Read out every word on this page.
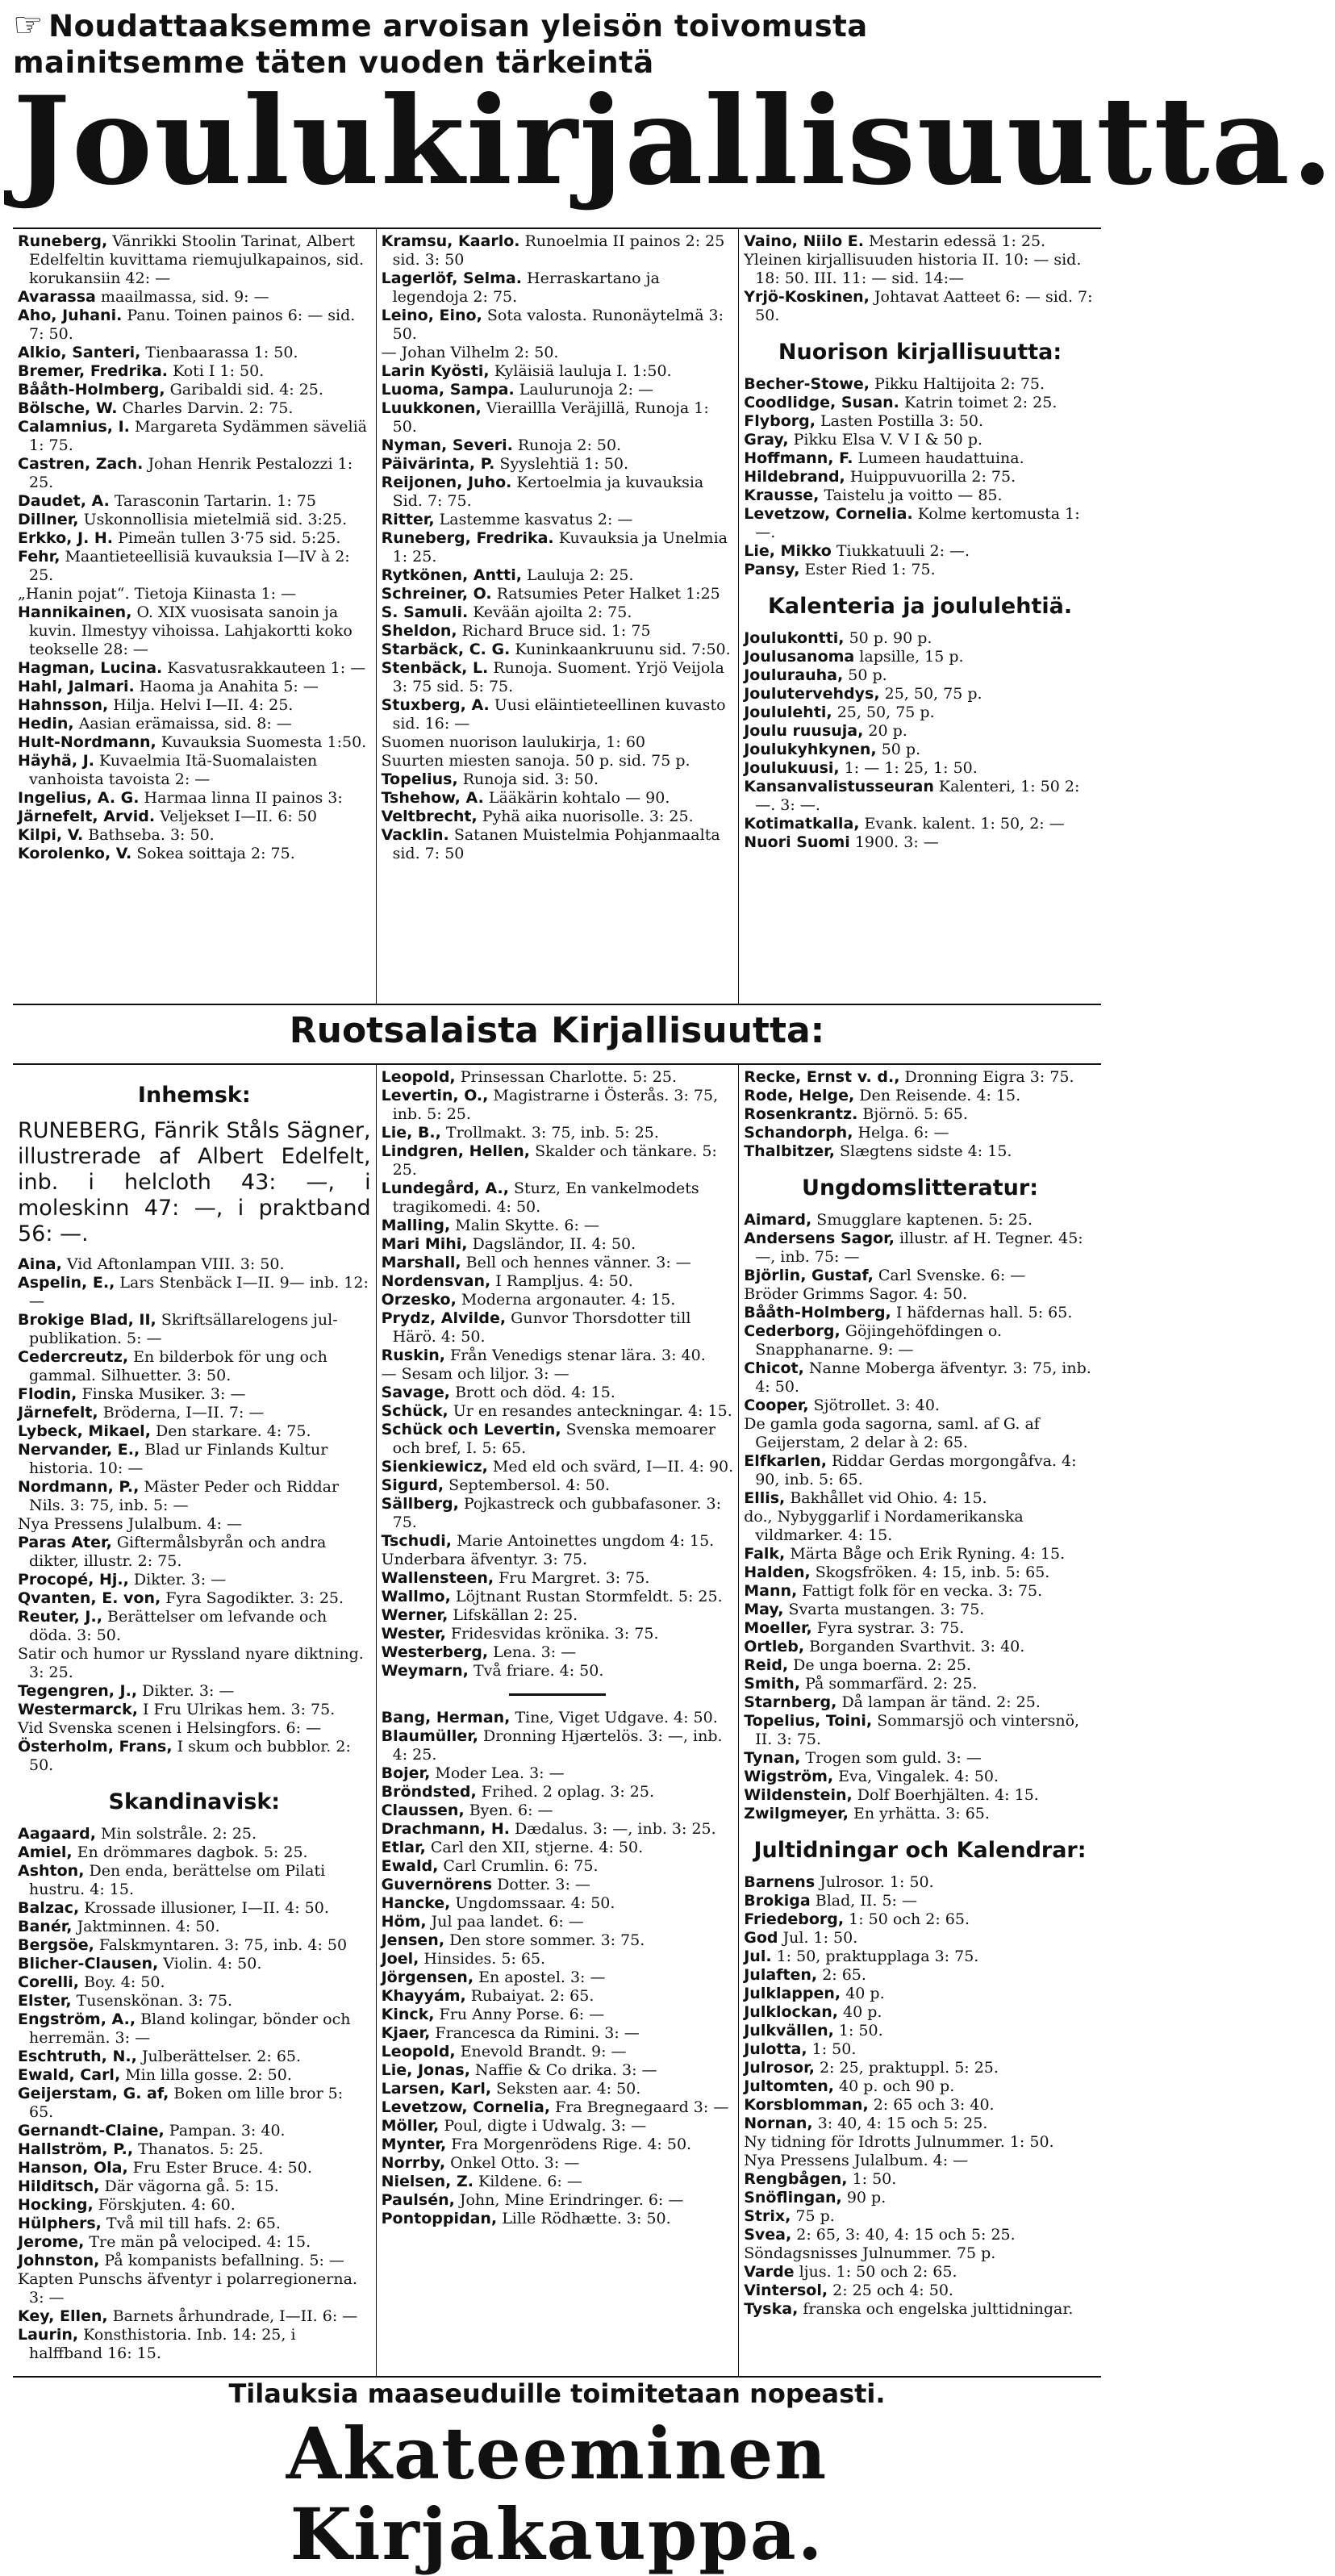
☞ Noudattaaksemme arvoisan yleisön toivomusta mainitsemme täten vuoden tärkeintä
Joulukirjallisuutta.

Runeberg, Vänrikki Stoolin Tarinat, Albert Edelfeltin kuvittama riemujulkapainos, sid. korukansiin 42: —

Avarassa maailmassa, sid. 9: —

Aho, Juhani. Panu. Toinen painos 6: — sid. 7: 50.

Alkio, Santeri, Tienbaarassa 1: 50.

Bremer, Fredrika. Koti I 1: 50.

Bååth-Holmberg, Garibaldi sid. 4: 25.

Bölsche, W. Charles Darvin. 2: 75.

Calamnius, I. Margareta Sydämmen säveliä 1: 75.

Castren, Zach. Johan Henrik Pestalozzi 1: 25.

Daudet, A. Tarasconin Tartarin. 1: 75

Dillner, Uskonnollisia mietelmiä sid. 3:25.

Erkko, J. H. Pimeän tullen 3·75 sid. 5:25.

Fehr, Maantieteellisiä kuvauksia I—IV à 2: 25.

„Hanin pojat“. Tietoja Kiinasta 1: —

Hannikainen, O. XIX vuosisata sanoin ja kuvin. Ilmestyy vihoissa. Lahjakortti koko teokselle 28: —

Hagman, Lucina. Kasvatusrakkauteen 1: —

Hahl, Jalmari. Haoma ja Anahita 5: —

Hahnsson, Hilja. Helvi I—II. 4: 25.

Hedin, Aasian erämaissa, sid. 8: —

Hult-Nordmann, Kuvauksia Suomesta 1:50.

Häyhä, J. Kuvaelmia Itä-Suomalaisten vanhoista tavoista 2: —

Ingelius, A. G. Harmaa linna II painos 3:

Järnefelt, Arvid. Veljekset I—II. 6: 50

Kilpi, V. Bathseba. 3: 50.

Korolenko, V. Sokea soittaja 2: 75.

Kramsu, Kaarlo. Runoelmia II painos 2: 25 sid. 3: 50

Lagerlöf, Selma. Herraskartano ja legendoja 2: 75.

Leino, Eino, Sota valosta. Runonäytelmä 3: 50.

— Johan Vilhelm 2: 50.

Larin Kyösti, Kyläisiä lauluja I. 1:50.

Luoma, Sampa. Laulurunoja 2: —

Luukkonen, Vieraillla Veräjillä, Runoja 1: 50.

Nyman, Severi. Runoja 2: 50.

Päivärinta, P. Syyslehtiä 1: 50.

Reijonen, Juho. Kertoelmia ja kuvauksia Sid. 7: 75.

Ritter, Lastemme kasvatus 2: —

Runeberg, Fredrika. Kuvauksia ja Unelmia 1: 25.

Rytkönen, Antti, Lauluja 2: 25.

Schreiner, O. Ratsumies Peter Halket 1:25

S. Samuli. Kevään ajoilta 2: 75.

Sheldon, Richard Bruce sid. 1: 75

Starbäck, C. G. Kuninkaankruunu sid. 7:50.

Stenbäck, L. Runoja. Suoment. Yrjö Veijola 3: 75 sid. 5: 75.

Stuxberg, A. Uusi eläintieteellinen kuvasto sid. 16: —

Suomen nuorison laulukirja, 1: 60

Suurten miesten sanoja. 50 p. sid. 75 p.

Topelius, Runoja sid. 3: 50.

Tshehow, A. Lääkärin kohtalo — 90.

Veltbrecht, Pyhä aika nuorisolle. 3: 25.

Vacklin. Satanen Muistelmia Pohjanmaalta sid. 7: 50

Vaino, Niilo E. Mestarin edessä 1: 25.

Yleinen kirjallisuuden historia II. 10: — sid. 18: 50. III. 11: — sid. 14:—

Yrjö-Koskinen, Johtavat Aatteet 6: — sid. 7: 50.

Nuorison kirjallisuutta:

Becher-Stowe, Pikku Haltijoita 2: 75.

Coodlidge, Susan. Katrin toimet 2: 25.

Flyborg, Lasten Postilla 3: 50.

Gray, Pikku Elsa V. V I & 50 p.

Hoffmann, F. Lumeen haudattuina.

Hildebrand, Huippuvuorilla 2: 75.

Krausse, Taistelu ja voitto — 85.

Levetzow, Cornelia. Kolme kertomusta 1: —.

Lie, Mikko Tiukkatuuli 2: —.

Pansy, Ester Ried 1: 75.

Kalenteria ja joululehtiä.

Joulukontti, 50 p. 90 p.

Joulusanoma lapsille, 15 p.

Joulurauha, 50 p.

Joulutervehdys, 25, 50, 75 p.

Joululehti, 25, 50, 75 p.

Joulu ruusuja, 20 p.

Joulukyhkynen, 50 p.

Joulukuusi, 1: — 1: 25, 1: 50.

Kansanvalistusseuran Kalenteri, 1: 50 2: —. 3: —.

Kotimatkalla, Evank. kalent. 1: 50, 2: —

Nuori Suomi 1900. 3: —

Ruotsalaista Kirjallisuutta:
Inhemsk:
RUNEBERG, Fänrik Ståls Sägner, illustrerade af Albert Edelfelt, inb. i helcloth 43: —, i moleskinn 47: —, i praktband 56: —.

Aina, Vid Aftonlampan VIII. 3: 50.

Aspelin, E., Lars Stenbäck I—II. 9— inb. 12: —

Brokige Blad, II, Skriftsällarelogens jul-publikation. 5: —

Cedercreutz, En bilderbok för ung och gammal. Silhuetter. 3: 50.

Flodin, Finska Musiker. 3: —

Järnefelt, Bröderna, I—II. 7: —

Lybeck, Mikael, Den starkare. 4: 75.

Nervander, E., Blad ur Finlands Kultur historia. 10: —

Nordmann, P., Mäster Peder och Riddar Nils. 3: 75, inb. 5: —

Nya Pressens Julalbum. 4: —

Paras Ater, Giftermålsbyrån och andra dikter, illustr. 2: 75.

Procopé, Hj., Dikter. 3: —

Qvanten, E. von, Fyra Sagodikter. 3: 25.

Reuter, J., Berättelser om lefvande och döda. 3: 50.

Satir och humor ur Ryssland nyare diktning. 3: 25.

Tegengren, J., Dikter. 3: —

Westermarck, I Fru Ulrikas hem. 3: 75.

Vid Svenska scenen i Helsingfors. 6: —

Österholm, Frans, I skum och bubblor. 2: 50.

Skandinavisk:

Aagaard, Min solstråle. 2: 25.

Amiel, En drömmares dagbok. 5: 25.

Ashton, Den enda, berättelse om Pilati hustru. 4: 15.

Balzac, Krossade illusioner, I—II. 4: 50.

Banér, Jaktminnen. 4: 50.

Bergsöe, Falskmyntaren. 3: 75, inb. 4: 50

Blicher-Clausen, Violin. 4: 50.

Corelli, Boy. 4: 50.

Elster, Tusenskönan. 3: 75.

Engström, A., Bland kolingar, bönder och herremän. 3: —

Eschtruth, N., Julberättelser. 2: 65.

Ewald, Carl, Min lilla gosse. 2: 50.

Geijerstam, G. af, Boken om lille bror 5: 65.

Gernandt-Claine, Pampan. 3: 40.

Hallström, P., Thanatos. 5: 25.

Hanson, Ola, Fru Ester Bruce. 4: 50.

Hilditsch, Där vägorna gå. 5: 15.

Hocking, Förskjuten. 4: 60.

Hülphers, Två mil till hafs. 2: 65.

Jerome, Tre män på velociped. 4: 15.

Johnston, På kompanists befallning. 5: —

Kapten Punschs äfventyr i polarregionerna. 3: —

Key, Ellen, Barnets århundrade, I—II. 6: —

Laurin, Konsthistoria. Inb. 14: 25, i halffband 16: 15.

Leopold, Prinsessan Charlotte. 5: 25.

Levertin, O., Magistrarne i Österås. 3: 75, inb. 5: 25.

Lie, B., Trollmakt. 3: 75, inb. 5: 25.

Lindgren, Hellen, Skalder och tänkare. 5: 25.

Lundegård, A., Sturz, En vankelmodets tragikomedi. 4: 50.

Malling, Malin Skytte. 6: —

Mari Mihi, Dagsländor, II. 4: 50.

Marshall, Bell och hennes vänner. 3: —

Nordensvan, I Rampljus. 4: 50.

Orzesko, Moderna argonauter. 4: 15.

Prydz, Alvilde, Gunvor Thorsdotter till Härö. 4: 50.

Ruskin, Från Venedigs stenar lära. 3: 40.

— Sesam och liljor. 3: —

Savage, Brott och död. 4: 15.

Schück, Ur en resandes anteckningar. 4: 15.

Schück och Levertin, Svenska memoarer och bref, I. 5: 65.

Sienkiewicz, Med eld och svärd, I—II. 4: 90.

Sigurd, Septembersol. 4: 50.

Sällberg, Pojkastreck och gubbafasoner. 3: 75.

Tschudi, Marie Antoinettes ungdom 4: 15.

Underbara äfventyr. 3: 75.

Wallensteen, Fru Margret. 3: 75.

Wallmo, Löjtnant Rustan Stormfeldt. 5: 25.

Werner, Lifskällan 2: 25.

Wester, Fridesvidas krönika. 3: 75.

Westerberg, Lena. 3: —

Weymarn, Två friare. 4: 50.

Bang, Herman, Tine, Viget Udgave. 4: 50.

Blaumüller, Dronning Hjærtelös. 3: —, inb. 4: 25.

Bojer, Moder Lea. 3: —

Bröndsted, Frihed. 2 oplag. 3: 25.

Claussen, Byen. 6: —

Drachmann, H. Dædalus. 3: —, inb. 3: 25.

Etlar, Carl den XII, stjerne. 4: 50.

Ewald, Carl Crumlin. 6: 75.

Guvernörens Dotter. 3: —

Hancke, Ungdomssaar. 4: 50.

Höm, Jul paa landet. 6: —

Jensen, Den store sommer. 3: 75.

Joel, Hinsides. 5: 65.

Jörgensen, En apostel. 3: —

Khayyám, Rubaiyat. 2: 65.

Kinck, Fru Anny Porse. 6: —

Kjaer, Francesca da Rimini. 3: —

Leopold, Enevold Brandt. 9: —

Lie, Jonas, Naffie & Co drika. 3: —

Larsen, Karl, Seksten aar. 4: 50.

Levetzow, Cornelia, Fra Bregnegaard 3: —

Möller, Poul, digte i Udwalg. 3: —

Mynter, Fra Morgenrödens Rige. 4: 50.

Norrby, Onkel Otto. 3: —

Nielsen, Z. Kildene. 6: —

Paulsén, John, Mine Erindringer. 6: —

Pontoppidan, Lille Rödhætte. 3: 50.

Recke, Ernst v. d., Dronning Eigra 3: 75.

Rode, Helge, Den Reisende. 4: 15.

Rosenkrantz. Björnö. 5: 65.

Schandorph, Helga. 6: —

Thalbitzer, Slægtens sidste 4: 15.

Ungdomslitteratur:

Aimard, Smugglare kaptenen. 5: 25.

Andersens Sagor, illustr. af H. Tegner. 45: —, inb. 75: —

Björlin, Gustaf, Carl Svenske. 6: —

Bröder Grimms Sagor. 4: 50.

Bååth-Holmberg, I häfdernas hall. 5: 65.

Cederborg, Göjingehöfdingen o. Snapphanarne. 9: —

Chicot, Nanne Moberga äfventyr. 3: 75, inb. 4: 50.

Cooper, Sjötrollet. 3: 40.

De gamla goda sagorna, saml. af G. af Geijerstam, 2 delar à 2: 65.

Elfkarlen, Riddar Gerdas morgongåfva. 4: 90, inb. 5: 65.

Ellis, Bakhållet vid Ohio. 4: 15.

do., Nybyggarlif i Nordamerikanska vildmarker. 4: 15.

Falk, Märta Båge och Erik Ryning. 4: 15.

Halden, Skogsfröken. 4: 15, inb. 5: 65.

Mann, Fattigt folk för en vecka. 3: 75.

May, Svarta mustangen. 3: 75.

Moeller, Fyra systrar. 3: 75.

Ortleb, Borganden Svarthvit. 3: 40.

Reid, De unga boerna. 2: 25.

Smith, På sommarfärd. 2: 25.

Starnberg, Då lampan är tänd. 2: 25.

Topelius, Toini, Sommarsjö och vintersnö, II. 3: 75.

Tynan, Trogen som guld. 3: —

Wigström, Eva, Vingalek. 4: 50.

Wildenstein, Dolf Boerhjälten. 4: 15.

Zwilgmeyer, En yrhätta. 3: 65.

Jultidningar och Kalendrar:

Barnens Julrosor. 1: 50.

Brokiga Blad, II. 5: —

Friedeborg, 1: 50 och 2: 65.

God Jul. 1: 50.

Jul. 1: 50, praktupplaga 3: 75.

Julaften, 2: 65.

Julklappen, 40 p.

Julklockan, 40 p.

Julkvällen, 1: 50.

Julotta, 1: 50.

Julrosor, 2: 25, praktuppl. 5: 25.

Jultomten, 40 p. och 90 p.

Korsblomman, 2: 65 och 3: 40.

Nornan, 3: 40, 4: 15 och 5: 25.

Ny tidning för Idrotts Julnummer. 1: 50.

Nya Pressens Julalbum. 4: —

Rengbågen, 1: 50.

Snöflingan, 90 p.

Strix, 75 p.

Svea, 2: 65, 3: 40, 4: 15 och 5: 25.

Söndagsnisses Julnummer. 75 p.

Varde ljus. 1: 50 och 2: 65.

Vintersol, 2: 25 och 4: 50.

Tyska, franska och engelska julttidningar.

Tilauksia maaseuduille toimitetaan nopeasti.
Akateeminen Kirjakauppa.
